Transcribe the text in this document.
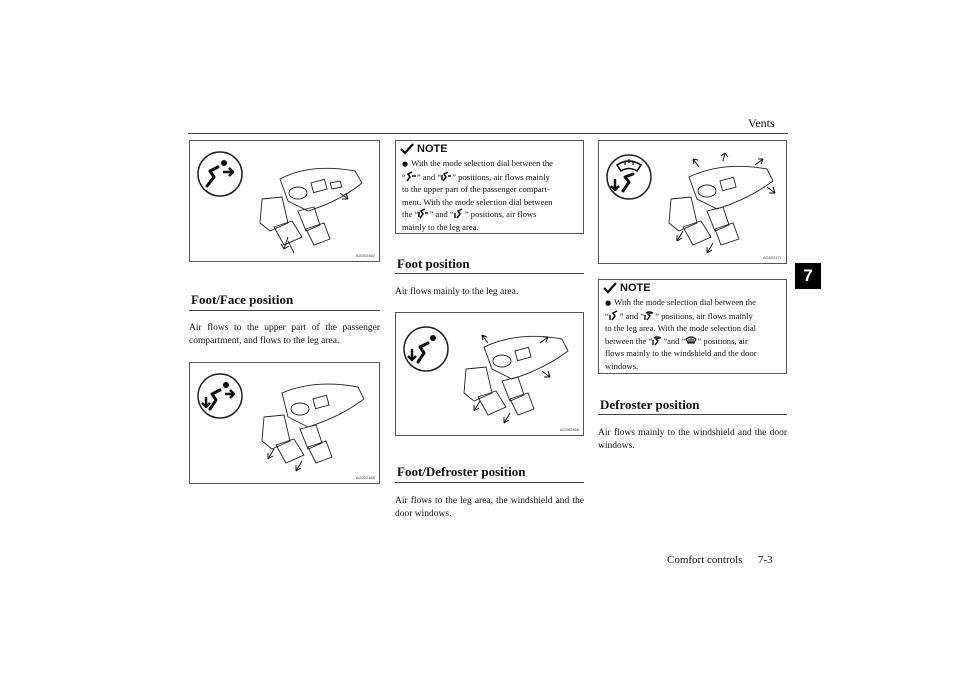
Vents
7
AG002462
Foot/Face position
Air flows to the upper part of the passenger compartment, and flows to the leg area.
AG002465
NOTE
● With the mode selection dial between the
“ ” and “ ” positions, air flows mainly
to the upper part of the passenger compart-
ment. With the mode selection dial between
the “ ” and “ ” positions, air flows
mainly to the leg area.
Foot position
Air flows mainly to the leg area.
AG002468
Foot/Defroster position
Air flows to the leg area, the windshield and the door windows.
AG002471
NOTE
● With the mode selection dial between the
“ ” and “ ” positions, air flows mainly
to the leg area. With the mode selection dial
between the “ ”and “ ” positions, air
flows mainly to the windshield and the door
windows.
Defroster position
Air flows mainly to the windshield and the door windows.
Comfort controls 7-3
